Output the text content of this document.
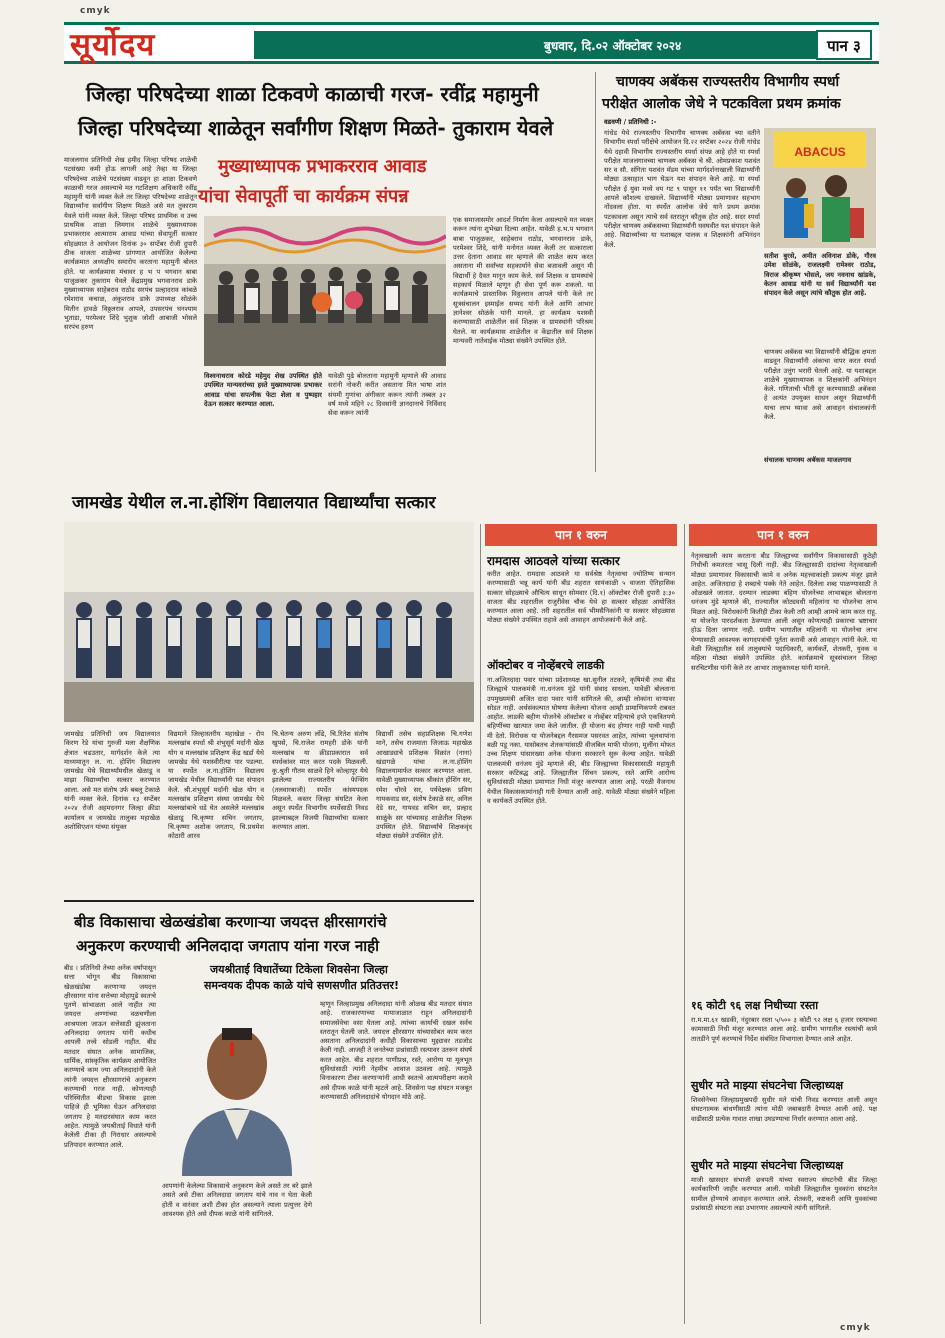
cmyk
cmyk
सूर्योदय	बुधवार, दि.०२ ऑक्टोबर २०२४	पान ३
जिल्हा परिषदेच्या शाळा टिकवणे काळाची गरज- रवींद्र महामुनी
जिल्हा परिषदेच्या शाळेतून सर्वांगीण शिक्षण मिळते- तुकाराम येवले
मुख्याध्यापक प्रभाकरराव आवाड
यांचा सेवापूर्ती चा कार्यक्रम संपन्न
माजलगाव प्रतिनिधी शेख हमीद जिल्हा परिषद शाळेची पटसंख्या कमी होऊ लागली आहे तेव्हा या जिल्हा परिषदेच्या शाळेचे पटसंख्या वाढवून हा शाळा टिकवणे काळाची गरज असल्याचे मत गटशिक्षण अधिकारी रवींद्र महामुनी यांनी व्यक्त केले तर जिल्हा परिषदेच्या शाळेतून विद्यार्थ्यांना सर्वांगीण शिक्षण मिळते असे मत तुकाराम येवले यांनी व्यक्त केले. जिल्हा परिषद प्राथमिक व उच्च प्राथमिक शाळा लिमगाव शाळेचे मुख्याध्यापक प्रभाकरराव आत्माराम आवाड यांच्या सेवापूर्ती सत्कार सोहळ्यात ते आयोजन दिनांक ३० सप्टेंबर रोजी दुपारी ठीक वाजता शाळेच्या प्रांगणात आयोजित केलेल्या कार्यक्रमात अध्यक्षीय समारोप करताना महामुनी बोलत होते. या कार्यक्रमास मंचावर ह भ प भगवान बाबा पाजुळकर तुकाराम येवले केंद्रप्रमुख भगवानराव डाके मुख्याध्यापक साहेबराव राठोड सरपंच प्रल्हादराव कांबळे रमेशराव कचाळ, अंकुशराव डाके उपाध्यक्ष सोळंके मितीन हावळे विठ्ठलराव आपले, उपसरपंच घनश्याम भुताडा, परमेश्वर शिंदे भुशुक जोशी आबाजी भोसले सरपंच हरुण
विश्वनाथराव कोरडे महेमुद शेख उपस्थित होते उपस्थित मान्यवरांच्या हस्ते मुख्याध्यापक प्रभाकर आवाड यांचा सपत्नीक फेटा शेला व पुष्पहार देऊन सत्कार करण्यात आला.
यावेळी पुढे बोलताना महामुनी म्हणाले की आवाड सरांनी नोकरी करीत असताना मित भाषा शांत संयमी गुणांचा अंगीकार करून त्यांनी तब्बल ३२ वर्ष मध्ये महिने २८ दिवसांनी ज्ञानदानाचे निर्विवाद सेवा करून त्यांनी
एक समाजासमोर आदर्श निर्माण केला असल्याचे मत व्यक्त करून त्यांना शुभेच्छा दिल्या आहेत. यावेळी ह.भ.प भगवान बाबा पाजुळकर, साहेबराव राठोड, भगवानराव डाके, परमेश्वर शिंदे, यांनी मनोगत व्यक्त केली तर सत्काराला उत्तर देताना आवाड सर म्हणाले की शाळेत काम करत असताना मी सर्वांच्या सहकार्याने सेवा बजावली असून मी विद्यार्थी हे दैवत मानून काम केले. सर्व शिक्षक व ग्रामस्थांचे सहकार्य मिळाले म्हणून ही सेवा पूर्ण करू शकलो. या कार्यक्रमाचे प्रास्ताविक विठ्ठलराव आपले यांनी केले तर सूत्रसंचालन इस्माईल सय्यद यांनी केले आणि आभार ज्ञानेश्वर सोळंके यांनी मानले. हा कार्यक्रम यशस्वी करण्यासाठी शाळेतील सर्व शिक्षक व ग्रामस्थांनी परिश्रम घेतले. या कार्यक्रमास शाळेतील व केंद्रातील सर्व शिक्षक मान्यवरी नातेवाईक मोठ्या संख्येने उपस्थित होते.
चाणक्य अबॅकस राज्यस्तरीय विभागीय स्पर्धा
परीक्षेत आलोक जेधे ने पटकविला प्रथम क्रमांक
वडवणी / प्रतिनिधी :-
गांधेड येथे राज्यस्तरीय विभागीय चाणक्य अबॅकस च्या वतीने विभागीय स्पर्धा परीक्षेचे आयोजन दि.२२ सप्टेंबर २०२४ रोजी गांधेड येथे दहावी विभागीय राज्यस्तरीय स्पर्धा संपन्न आहे होते या स्पर्धा परीक्षेत माजलगावच्या चाणक्य अबॅकस चे श्री. ओमप्रकाश यशवंत सर व सौ. संगिता यशवंत मॅडम यांच्या मार्गदर्शनाखाली विद्यार्थ्यांनी मोठ्या उत्साहात भाग घेऊन यश संपादन केले आहे. या स्पर्धा परीक्षेत ई युवा मध्ये वय गट ९ पासून ११ पर्यंत च्या विद्यार्थ्यांनी आपले कौशल्य दाखवले. विद्यार्थ्यांनी मोठ्या प्रमाणावर सहभाग नोंदवला होता. या स्पर्धेत आलोक जेधे याने प्रथम क्रमांक पटकावला असून त्याचे सर्व स्तरातून कौतुक होत आहे. सदर स्पर्धा परीक्षेत चाणक्य अबॅकसच्या विद्यार्थ्यांनी घवघवीत यश संपादन केले आहे. विद्यार्थ्यांच्या या यशाबद्दल पालक व शिक्षकांनी अभिनंदन केले.
ABACUS
सतीश बुरसे, अमीत अविनाश डोके, गौरव उमेश सोळंके, राजलक्ष्मी रामेश्वर राठोड, विराज श्रीकृष्ण भोसले, जय नवनाथ खांडके, केतन आवाड यांनी या सर्व विद्यार्थ्यांनी यश संपादन केले असून त्यांचे कौतुक होत आहे.
चाणक्य अबॅकस च्या विद्यार्थ्यांनी बौद्धिक क्षमता वाढवून विद्यार्थ्यांनी अंकाचा वापर करत स्पर्धा परीक्षेत उत्तुंग भरारी घेतली आहे. या यशाबद्दल शाळेचे मुख्याध्यापक व शिक्षकांनी अभिनंदन केले. गणिताची भीती दूर करण्यासाठी अबॅकस हे अत्यंत उपयुक्त साधन असून विद्यार्थ्यांनी याचा लाभ घ्यावा असे आवाहन संचालकांनी केले.
संचालक चाणक्य अबॅकस माजलगाव
जामखेड येथील ल.ना.होशिंग विद्यालयात विद्यार्थ्यांचा सत्कार
जामखेड प्रतिनिधी जय विद्यालयात किरण रेडे यांचा गुरुजी मला शैक्षणिक क्षेत्रात चढउतार, मार्गदर्शन केले त्या माध्यमातून ल. ना. होशिंग विद्यालय जामखेड येथे विद्यार्थ्यांमधील खेळाडू व माझा विद्यार्थ्यांचा सत्कार करण्यात आला. असे मत संतोष उर्फ बबलू टेकाळे यांनी व्यक्त केले. दिनांक १३ सप्टेंबर २०२४ रोजी अहमदनगर जिल्हा क्रीडा कार्यालय व जामखेड तालुका महाखेळ अशोसिएशन यांच्या संयुक्त
विद्यमाने जिल्हास्तरीय महाखेळ - रोप मल्लखांब स्पर्धा श्री शंभुसूर्य मर्दानी खेळ योग व मल्लखांब प्रशिक्षण केंद्र खर्डा येथे जामखेड येथे यशस्वीरीत्या पार पडल्या. या स्पर्धेत ल.ना.होशिंग विद्यालय जामखेड येथील विद्यार्थ्यांनी यश संपादन केले. श्री.शंभुसूर्य मर्दानी खेळ योग व मल्लखांब प्रशिक्षण संस्था जामखेड येथे मल्लखांबाचे धडे घेत असलेले मल्लखांब खेळाडू चि.कृष्णा सचिन जगताप, चि.कृष्णा अशोक जगताप, चि.प्रथमेश कोठारी आरव
चि.चेतन्य अरुण लोंढे, चि.रितेश संतोष खुपसे, चि.राजेश रामहरी डोके यांनी मल्लखांब या क्रीडाप्रकारात सर्व स्पर्धकांवर मात करत पदके मिळवली. कु.श्रुती गौतम साळवे हिने कोल्हापूर येथे झालेल्या राज्यस्तरीय फेन्सिंग (तलवारबाजी) स्पर्धेत कांस्यपदक मिळवले. कस्तर जिल्हा संघटित केला असून स्पर्धेत विभागीय स्पर्धेसाठी निवड झाल्याबद्दल विजयी विद्यार्थ्यांचा सत्कार करण्यात आला.
विद्यार्थी तसेच सहप्रशिक्षक चि.गणेश माने, तसेच राजमाता जिजाऊ महाखेळ आखाड्याचे प्रशिक्षक विक्रांत (नाना) खंडागळे यांचा ल.ना.होशिंग विद्यालयामार्फत सत्कार करण्यात आला. यावेळी मुख्याध्यापक श्रीकांत होशिंग सर, रमेश थोरवे सर, पर्यवेक्षक प्रविण गायकवाड सर, संतोष टेकाळे सर, अनिल देडे सर, गायवड सचिन सर, प्रल्हाद साळुंके सर यांच्यासह शाळेतील शिक्षक उपस्थित होते. विद्यार्थ्यांचे शिक्षकवृंद मोठ्या संख्येने उपस्थित होते.
बीड विकासाचा खेळखंडोबा करणाऱ्या जयदत्त क्षीरसागरांचे
अनुकरण करण्याची अनिलदादा जगताप यांना गरज नाही
बीड । प्रतिनिधी तेच्या अनेक वर्षांपासून सत्ता भोगून बीड विकासाचा खेळखंडोबा करणाऱ्या जयदत्त क्षीरसागर यांना सत्तेच्या मोहापुढे स्वतःचे पुतणे सांभाळता आले नाहीत त्या जयदत्त अण्णांच्या वळचणीला आश्रयाला जाऊन सत्तेसाठी झुंजताना अनिलदादा जगताप यांनी कधीच आपली तत्त्वे सोडली नाहीत. बीड मतदार संघात अनेक सामाजिक, धार्मिक, सांस्कृतिक कार्यक्रम आयोजित करण्याचे काम ज्या अनिलदादांनी केले त्यांनी जयदत्त क्षीरसागरांचे अनुकरण करण्याची गरज नाही. कोणत्याही परिस्थितीत बीडचा विकास झाला पाहिजे ही भूमिका घेऊन अनिलदादा जगताप हे मतदारसंघात काम करत आहेत. त्यामुळे जयश्रीताई विधाते यांनी केलेली टीका ही निराधार असल्याचे प्रतिपादन करण्यात आले.
जयश्रीताई विधातेंच्या टिकेला शिवसेना जिल्हा
समन्वयक दीपक काळे यांचे सणसणीत प्रतिउत्तर!
आपणांनी केलेल्या विकासाचे अनुकरण केले असते तर बरे झाले असते असे टीका अनिलदादा जगताप यांचे नाव न घेता केली होती व वारंवार अशी टीका होत असल्याने त्याला प्रत्युत्तर देणे आवश्यक होते असे दीपक काळे यांनी सांगितले.
म्हणून जिल्हाप्रमुख अनिलदादा यांनी ओळख बीड मतदार संघात आहे. राजकारणाच्या मायाजाळात राहून अनिलदादांनी समाजसेवेचा वसा घेतला आहे. त्यांच्या कार्याची दखल सर्वच स्तरातून घेतली जाते. जयदत्त क्षीरसागर यांच्यासोबत काम करत असताना अनिलदादांनी कधीही विकासाच्या मुद्द्यावर तडजोड केली नाही. आजही ते जनतेच्या प्रश्नांसाठी रस्त्यावर उतरून संघर्ष करत आहेत. बीड शहरात पाणीप्रश्न, रस्ते, आरोग्य या मूलभूत सुविधांसाठी त्यांनी नेहमीच आवाज उठवला आहे. त्यामुळे विनाकारण टीका करणाऱ्यांनी आधी स्वतःचे आत्मपरीक्षण करावे असे दीपक काळे यांनी म्हटले आहे. शिवसेना पक्ष संघटन मजबूत करण्यासाठी अनिलदादांचे योगदान मोठे आहे.
पान १ वरुन
रामदास आठवले यांच्या सत्कार
करीत आहेत. रामदास आठवले या सर्वश्रेष्ठ नेतृत्वाचा ज्योतिष्य सन्मान करण्यासाठी भन्नू कार्य यांनी बीड शहरात सायंकाळी ५ वाजता ऐतिहासिक सत्कार सोहळ्याचे औचित्य साधून सोमवार (दि.१) ऑक्टोबर रोजी दुपारी ३:३० वाजता बीड शहरातील राजुरीवेस चौक येथे हा सत्कार सोहळा आयोजित करण्यात आला आहे. तरी शहरातील सर्व भीमसैनिकांनी या सत्कार सोहळ्यास मोठ्या संख्येने उपस्थित राहावे असे आवाहन आयोजकांनी केले आहे.
ऑक्टोबर व नोव्हेंबरचे लाडकी
ना.अजितदादा पवार यांच्या प्रदेशाध्यक्ष खा.सुनील तटकरे, कृषिमंत्री तथा बीड जिल्ह्याचे पालकमंत्री ना.धनंजय मुंडे यांनी संवाद साधला. यावेळी बोलताना उपमुख्यमंत्री अजित दादा पवार यांनी सांगितले की, आम्ही लोकांना वाऱ्यावर सोडत नाही. अर्थसंकल्पात घोषणा केलेल्या योजना आम्ही प्रामाणिकपणे राबवत आहोत. लाडकी बहीण योजनेचे ऑक्टोबर व नोव्हेंबर महिन्याचे हप्ते एकत्रितपणे बहिणींच्या खात्यात जमा केले जातील. ही योजना बंद होणार नाही याची ग्वाही मी देतो. विरोधक या योजनेबद्दल गैरसमज पसरवत आहेत, त्यांच्या भूलथापांना बळी पडू नका. यासोबतच शेतकऱ्यांसाठी वीजबिल माफी योजना, मुलींना मोफत उच्च शिक्षण यांसारख्या अनेक योजना सरकारने सुरू केल्या आहेत. यावेळी पालकमंत्री धनंजय मुंडे म्हणाले की, बीड जिल्ह्याच्या विकासासाठी महायुती सरकार कटिबद्ध आहे. जिल्ह्यातील सिंचन प्रकल्प, रस्ते आणि आरोग्य सुविधांसाठी मोठ्या प्रमाणात निधी मंजूर करण्यात आला आहे. परळी वैजनाथ येथील विकासकामांनाही गती देण्यात आली आहे. यावेळी मोठ्या संख्येने महिला व कार्यकर्ते उपस्थित होते.
पान १ वरुन
नेतृत्वखाली काम करताना बीड जिल्ह्याच्या सर्वांगीण विकासासाठी कुठेही निधीची कमतरता भासू दिली नाही. बीड जिल्ह्यासाठी दादांच्या नेतृत्वाखाली मोठ्या प्रमाणावर विकासाची कामे व अनेक महत्त्वाकांक्षी प्रकल्प मंजूर झाले आहेत. अजितदादा हे शब्दाचे पक्के नेते आहेत. दिलेला शब्द पाळण्यासाठी ते ओळखले जातात. दरम्यान लाडक्या बहिण योजनेच्या लाभाबद्दल बोलताना धनंजय मुंडे म्हणाले की, राज्यातील कोट्यवधी महिलांना या योजनेचा लाभ मिळत आहे. विरोधकांनी कितीही टीका केली तरी आम्ही आमचे काम करत राहू. या योजनेत पारदर्शकता ठेवण्यात आली असून कोणत्याही प्रकारचा भ्रष्टाचार होऊ दिला जाणार नाही. ग्रामीण भागातील महिलांनी या योजनेचा लाभ घेण्यासाठी आवश्यक कागदपत्रांची पूर्तता करावी असे आवाहन त्यांनी केले. या वेळी जिल्ह्यातील सर्व तालुक्यांचे पदाधिकारी, कार्यकर्ते, शेतकरी, युवक व महिला मोठ्या संख्येने उपस्थित होते. कार्यक्रमाचे सूत्रसंचालन जिल्हा सरचिटणीस यांनी केले तर आभार तालुकाध्यक्ष यांनी मानले.
१६ कोटी ९६ लक्ष निधीच्या रस्ता
रा.म.मा.६१ खडकी, नंदुरबार रस्ता ५/५०० ३ कोटी ९२ लक्ष ६ हजार रस्त्याच्या कामासाठी निधी मंजूर करण्यात आला आहे. ग्रामीण भागातील रस्त्यांची कामे तातडीने पूर्ण करण्याचे निर्देश संबंधित विभागाला देण्यात आले आहेत.
सुधीर मते माझ्या संघटनेचा जिल्हाध्यक्ष
शिवसेनेच्या जिल्हाप्रमुखपदी सुधीर मते यांची निवड करण्यात आली असून संघटनात्मक बांधणीसाठी त्यांना मोठी जबाबदारी देण्यात आली आहे. पक्ष वाढीसाठी प्रत्येक गावात शाखा उघडण्याचा निर्धार करण्यात आला आहे.
सुधीर मते माझ्या संघटनेचा जिल्हाध्यक्ष
माजी खासदार संभाजी छत्रपती यांच्या स्वराज्य संघटनेची बीड जिल्हा कार्यकारिणी जाहीर करण्यात आली. यावेळी जिल्ह्यातील युवकांना संघटनेत सामील होण्याचे आवाहन करण्यात आले. शेतकरी, कष्टकरी आणि युवकांच्या प्रश्नांसाठी संघटना लढा उभारणार असल्याचे त्यांनी सांगितले.
